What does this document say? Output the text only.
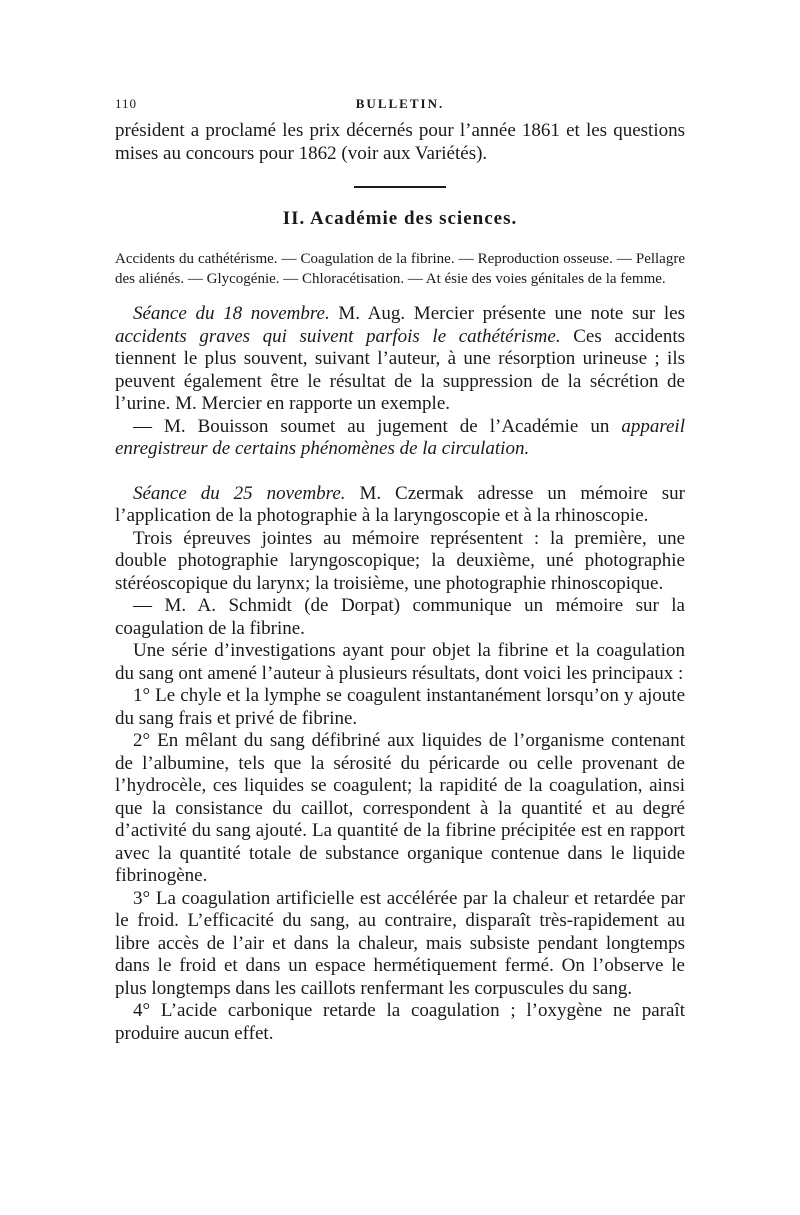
110	BULLETIN.

président a proclamé les prix décernés pour l’année 1861 et les questions mises au concours pour 1862 (voir aux Variétés).

II. Académie des sciences.

Accidents du cathétérisme. — Coagulation de la fibrine. — Reproduction osseuse. — Pellagre des aliénés. — Glycogénie. — Chloracétisation. — At ésie des voies génitales de la femme.

Séance du 18 novembre. M. Aug. Mercier présente une note sur les accidents graves qui suivent parfois le cathétérisme. Ces accidents tiennent le plus souvent, suivant l’auteur, à une résorption urineuse ; ils peuvent également être le résultat de la suppression de la sécrétion de l’urine. M. Mercier en rapporte un exemple.

— M. Bouisson soumet au jugement de l’Académie un appareil enregistreur de certains phénomènes de la circulation.

Séance du 25 novembre. M. Czermak adresse un mémoire sur l’application de la photographie à la laryngoscopie et à la rhinoscopie.

Trois épreuves jointes au mémoire représentent : la première, une double photographie laryngoscopique; la deuxième, uné photographie stéréoscopique du larynx; la troisième, une photographie rhinoscopique.

— M. A. Schmidt (de Dorpat) communique un mémoire sur la coagulation de la fibrine.

Une série d’investigations ayant pour objet la fibrine et la coagulation du sang ont amené l’auteur à plusieurs résultats, dont voici les principaux :

1° Le chyle et la lymphe se coagulent instantanément lorsqu’on y ajoute du sang frais et privé de fibrine.

2° En mêlant du sang défibriné aux liquides de l’organisme contenant de l’albumine, tels que la sérosité du péricarde ou celle provenant de l’hydrocèle, ces liquides se coagulent; la rapidité de la coagulation, ainsi que la consistance du caillot, correspondent à la quantité et au degré d’activité du sang ajouté. La quantité de la fibrine précipitée est en rapport avec la quantité totale de substance organique contenue dans le liquide fibrinogène.

3° La coagulation artificielle est accélérée par la chaleur et retardée par le froid. L’efficacité du sang, au contraire, disparaît très-rapidement au libre accès de l’air et dans la chaleur, mais subsiste pendant longtemps dans le froid et dans un espace hermétiquement fermé. On l’observe le plus longtemps dans les caillots renfermant les corpuscules du sang.

4° L’acide carbonique retarde la coagulation ; l’oxygène ne paraît produire aucun effet.
